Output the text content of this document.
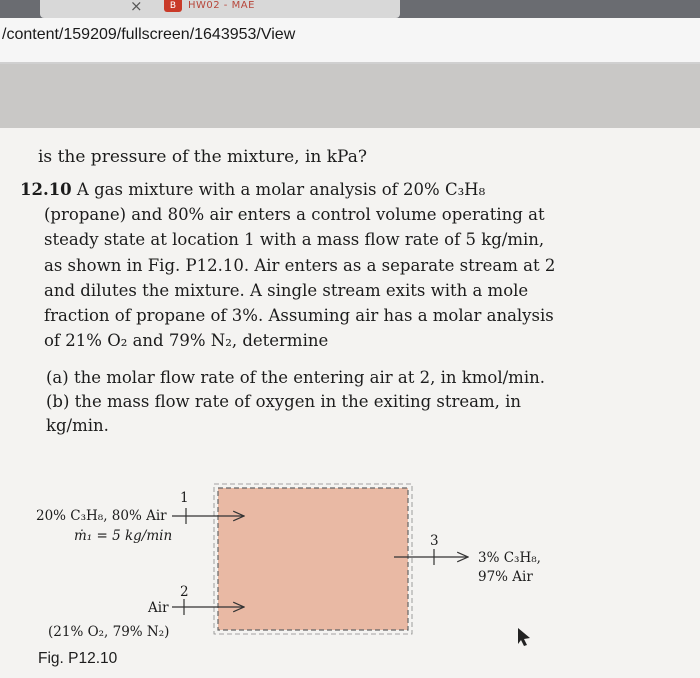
×	B	HW02 - MAE
/content/159209/fullscreen/1643953/View
is the pressure of the mixture, in kPa?
12.10 A gas mixture with a molar analysis of 20% C₃H₈
(propane) and 80% air enters a control volume operating at
steady state at location 1 with a mass flow rate of 5 kg/min,
as shown in Fig. P12.10. Air enters as a separate stream at 2
and dilutes the mixture. A single stream exits with a mole
fraction of propane of 3%. Assuming air has a molar analysis
of 21% O₂ and 79% N₂, determine
(a) the molar flow rate of the entering air at 2, in kmol/min.
(b) the mass flow rate of oxygen in the exiting stream, in
kg/min.
20% C₃H₈, 80% Air
ṁ₁ = 5 kg/min
1
Air
(21% O₂, 79% N₂)
2
3
3% C₃H₈,
97% Air
Fig. P12.10
